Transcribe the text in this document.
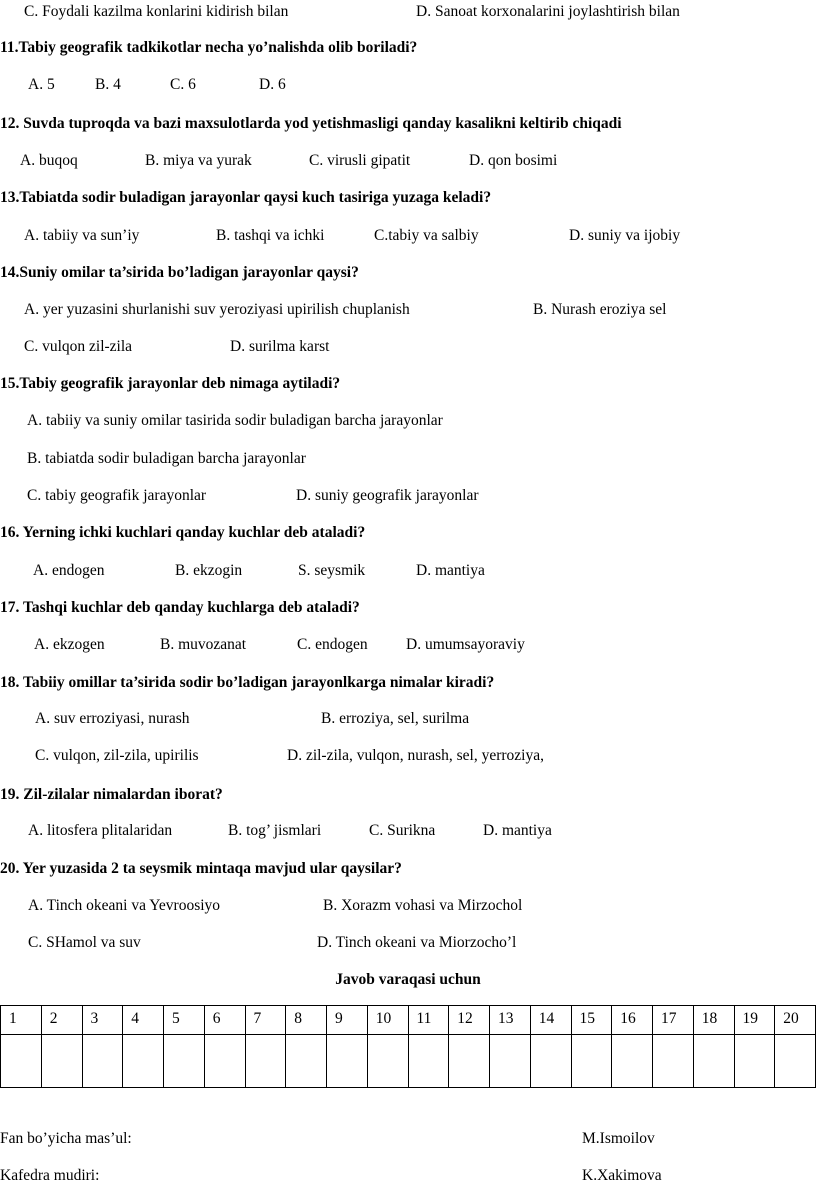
C. Foydali kazilma konlarini kidirish bilan	D. Sanoat korxonalarini joylashtirish bilan
11.Tabiy geografik tadkikotlar necha yo’nalishda olib boriladi?
A. 5	B. 4	C. 6	D. 6
12. Suvda tuproqda va bazi maxsulotlarda yod yetishmasligi qanday kasalikni keltirib chiqadi
A. buqoq	B. miya va yurak	C. virusli gipatit	D. qon bosimi
13.Tabiatda sodir buladigan jarayonlar qaysi kuch tasiriga yuzaga keladi?
A. tabiiy va sun’iy	B. tashqi va ichki	C.tabiy va salbiy	D. suniy va ijobiy
14.Suniy omilar ta’sirida bo’ladigan jarayonlar qaysi?
A. yer yuzasini shurlanishi suv yeroziyasi upirilish chuplanish	B. Nurash eroziya sel
C. vulqon zil-zila	D. surilma karst
15.Tabiy geografik jarayonlar deb nimaga aytiladi?
A. tabiiy va suniy omilar tasirida sodir buladigan barcha jarayonlar
B. tabiatda sodir buladigan barcha jarayonlar
C. tabiy geografik jarayonlar	D. suniy geografik jarayonlar
16. Yerning ichki kuchlari qanday kuchlar deb ataladi?
A. endogen	B. ekzogin	S. seysmik	D. mantiya
17. Tashqi kuchlar deb qanday kuchlarga deb ataladi?
A. ekzogen	B. muvozanat	C. endogen D. umumsayoraviy
18. Tabiiy omillar ta’sirida sodir bo’ladigan jarayonlkarga nimalar kiradi?
A. suv erroziyasi, nurash	B. erroziya, sel, surilma
C. vulqon, zil-zila, upirilis	D. zil-zila, vulqon, nurash, sel, yerroziya,
19. Zil-zilalar nimalardan iborat?
A. litosfera plitalaridan	B. tog’ jismlari	C. Surikna	D. mantiya
20. Yer yuzasida 2 ta seysmik mintaqa mavjud ular qaysilar?
A. Tinch okeani va Yevroosiyo	B. Xorazm vohasi va Mirzochol
C. SHamol va suv	D. Tinch okeani va Miorzocho’l
Javob varaqasi uchun
1	2	3	4	5	6	7	8	9	10	11	12	13	14	15	16	17	18	19	20

Fan bo’yicha mas’ul:	M.Ismoilov
Kafedra mudiri:	K.Xakimova
